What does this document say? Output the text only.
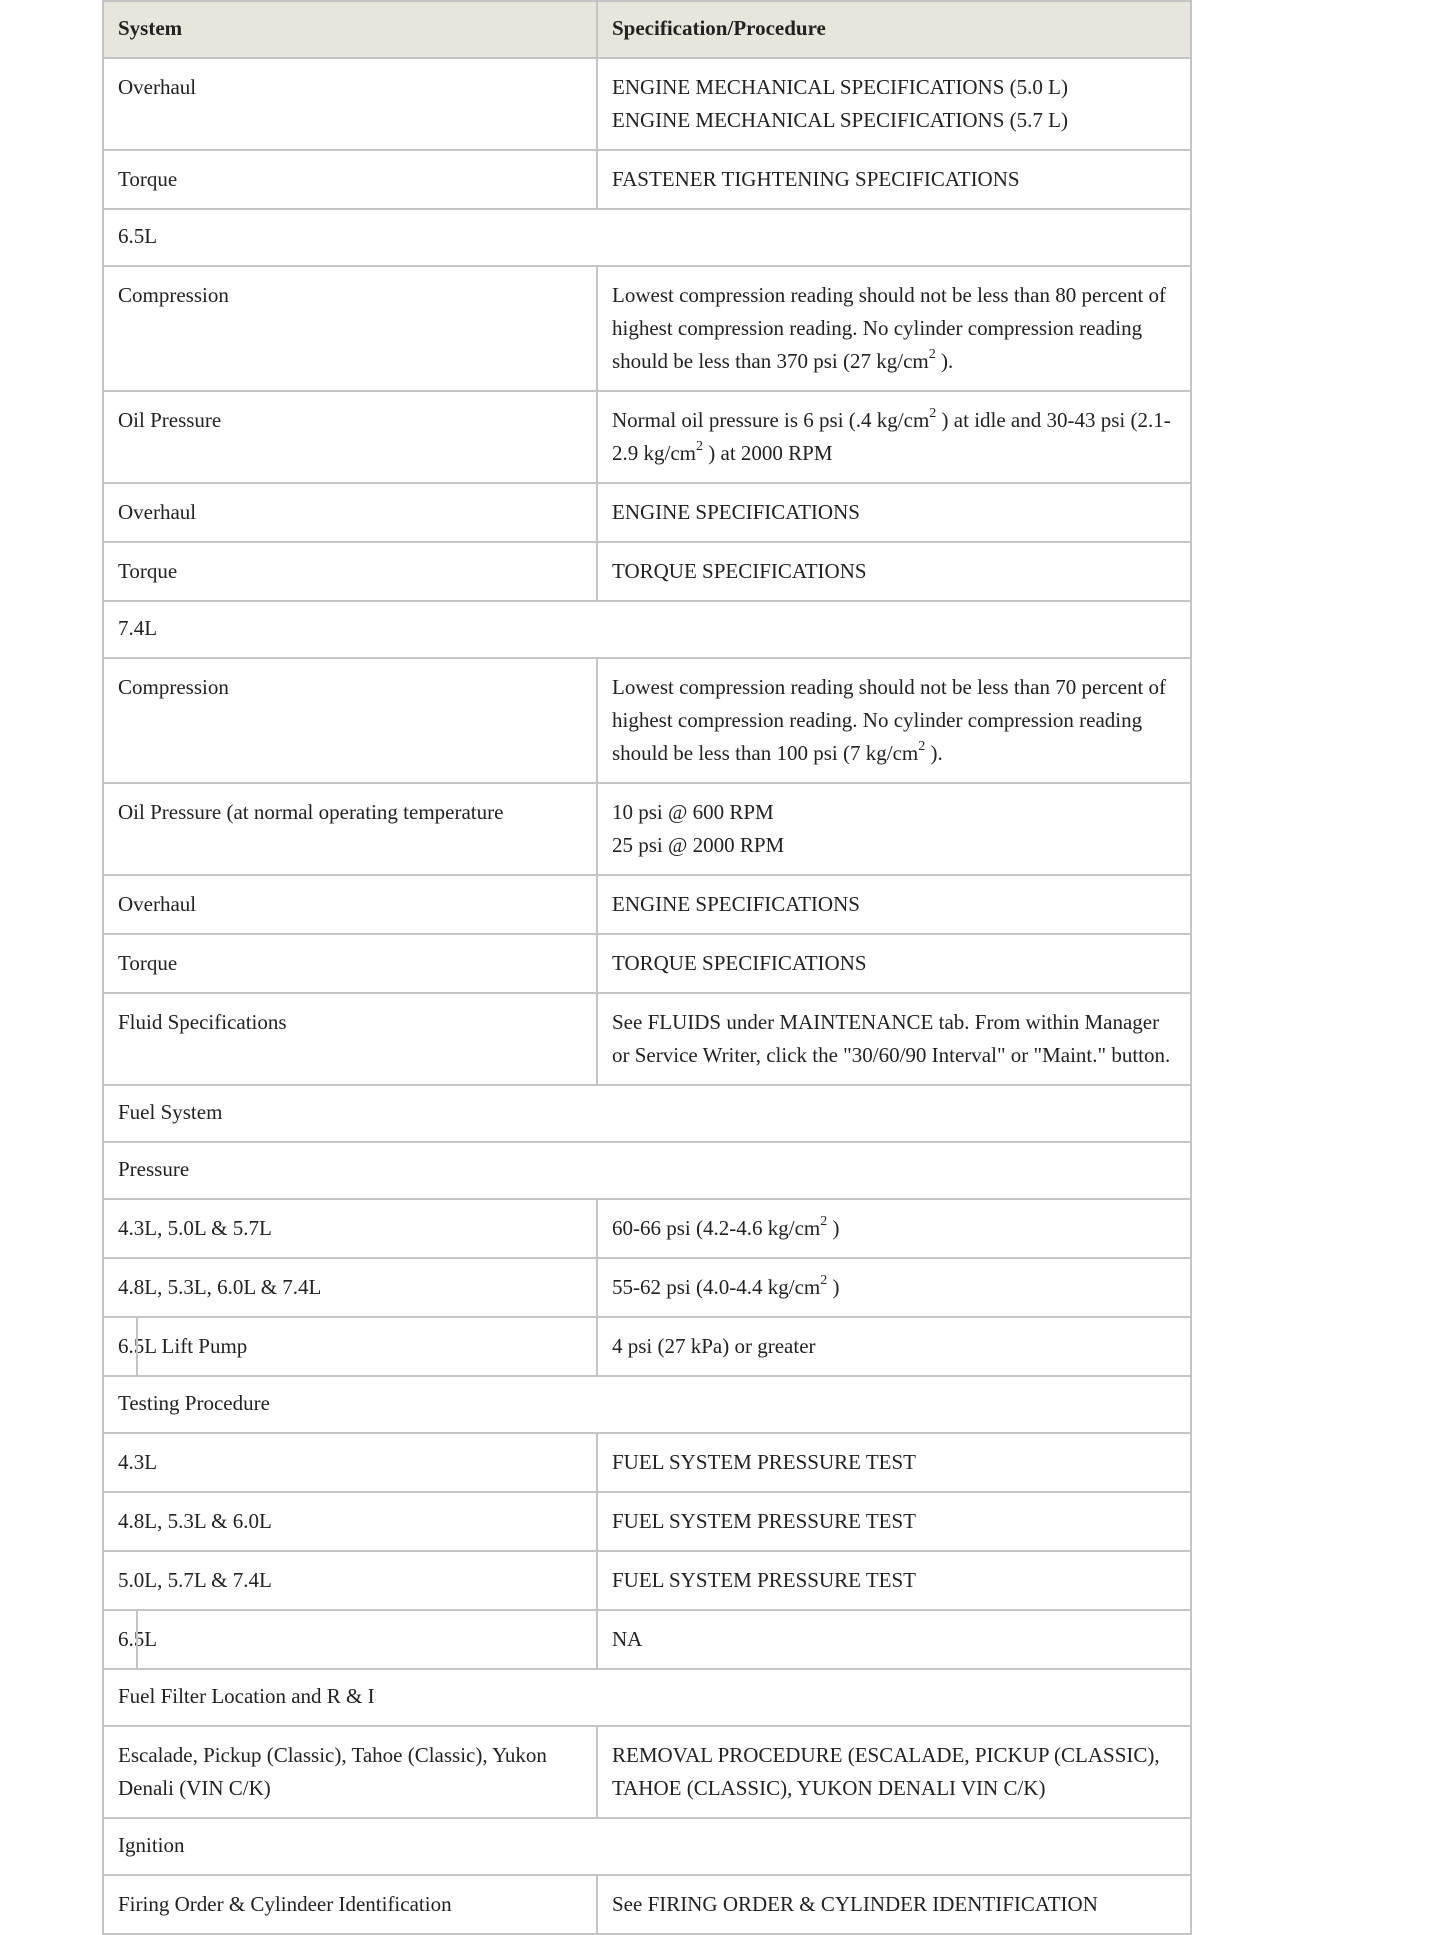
System	Specification/Procedure
Overhaul	ENGINE MECHANICAL SPECIFICATIONS (5.0 L)
ENGINE MECHANICAL SPECIFICATIONS (5.7 L)

Torque	FASTENER TIGHTENING SPECIFICATIONS
6.5L	
Compression	Lowest compression reading should not be less than 80 percent of highest compression reading. No cylinder compression reading should be less than 370 psi (27 $kg/cm^2$ ).
Oil Pressure	Normal oil pressure is 6 psi (.4 $kg/cm^2$ ) at idle and 30-43 psi (2.1-2.9 $kg/cm^2$ ) at 2000 RPM
Overhaul	ENGINE SPECIFICATIONS
Torque	TORQUE SPECIFICATIONS
7.4L	
Compression	Lowest compression reading should not be less than 70 percent of highest compression reading. No cylinder compression reading should be less than 100 psi (7 $kg/cm^2$ ).
Oil Pressure (at normal operating temperature	10 psi @ 600 RPM
25 psi @ 2000 RPM

Overhaul	ENGINE SPECIFICATIONS
Torque	TORQUE SPECIFICATIONS
Fluid Specifications	See FLUIDS under MAINTENANCE tab. From within Manager or Service Writer, click the "30/60/90 Interval" or "Maint." button.
Fuel System	
Pressure	
4.3L, 5.0L & 5.7L	60-66 psi (4.2-4.6 $kg/cm^2$ )
4.8L, 5.3L, 6.0L & 7.4L	55-62 psi (4.0-4.4 $kg/cm^2$ )
6.5L Lift Pump	4 psi (27 kPa) or greater
Testing Procedure	
4.3L	FUEL SYSTEM PRESSURE TEST
4.8L, 5.3L & 6.0L	FUEL SYSTEM PRESSURE TEST
5.0L, 5.7L & 7.4L	FUEL SYSTEM PRESSURE TEST
6.5L	NA
Fuel Filter Location and R & I	
Escalade, Pickup (Classic), Tahoe (Classic), Yukon Denali (VIN C/K)	REMOVAL PROCEDURE (ESCALADE, PICKUP (CLASSIC), TAHOE (CLASSIC), YUKON DENALI VIN C/K)
Ignition	
Firing Order & Cylindeer Identification	See FIRING ORDER & CYLINDER IDENTIFICATION
